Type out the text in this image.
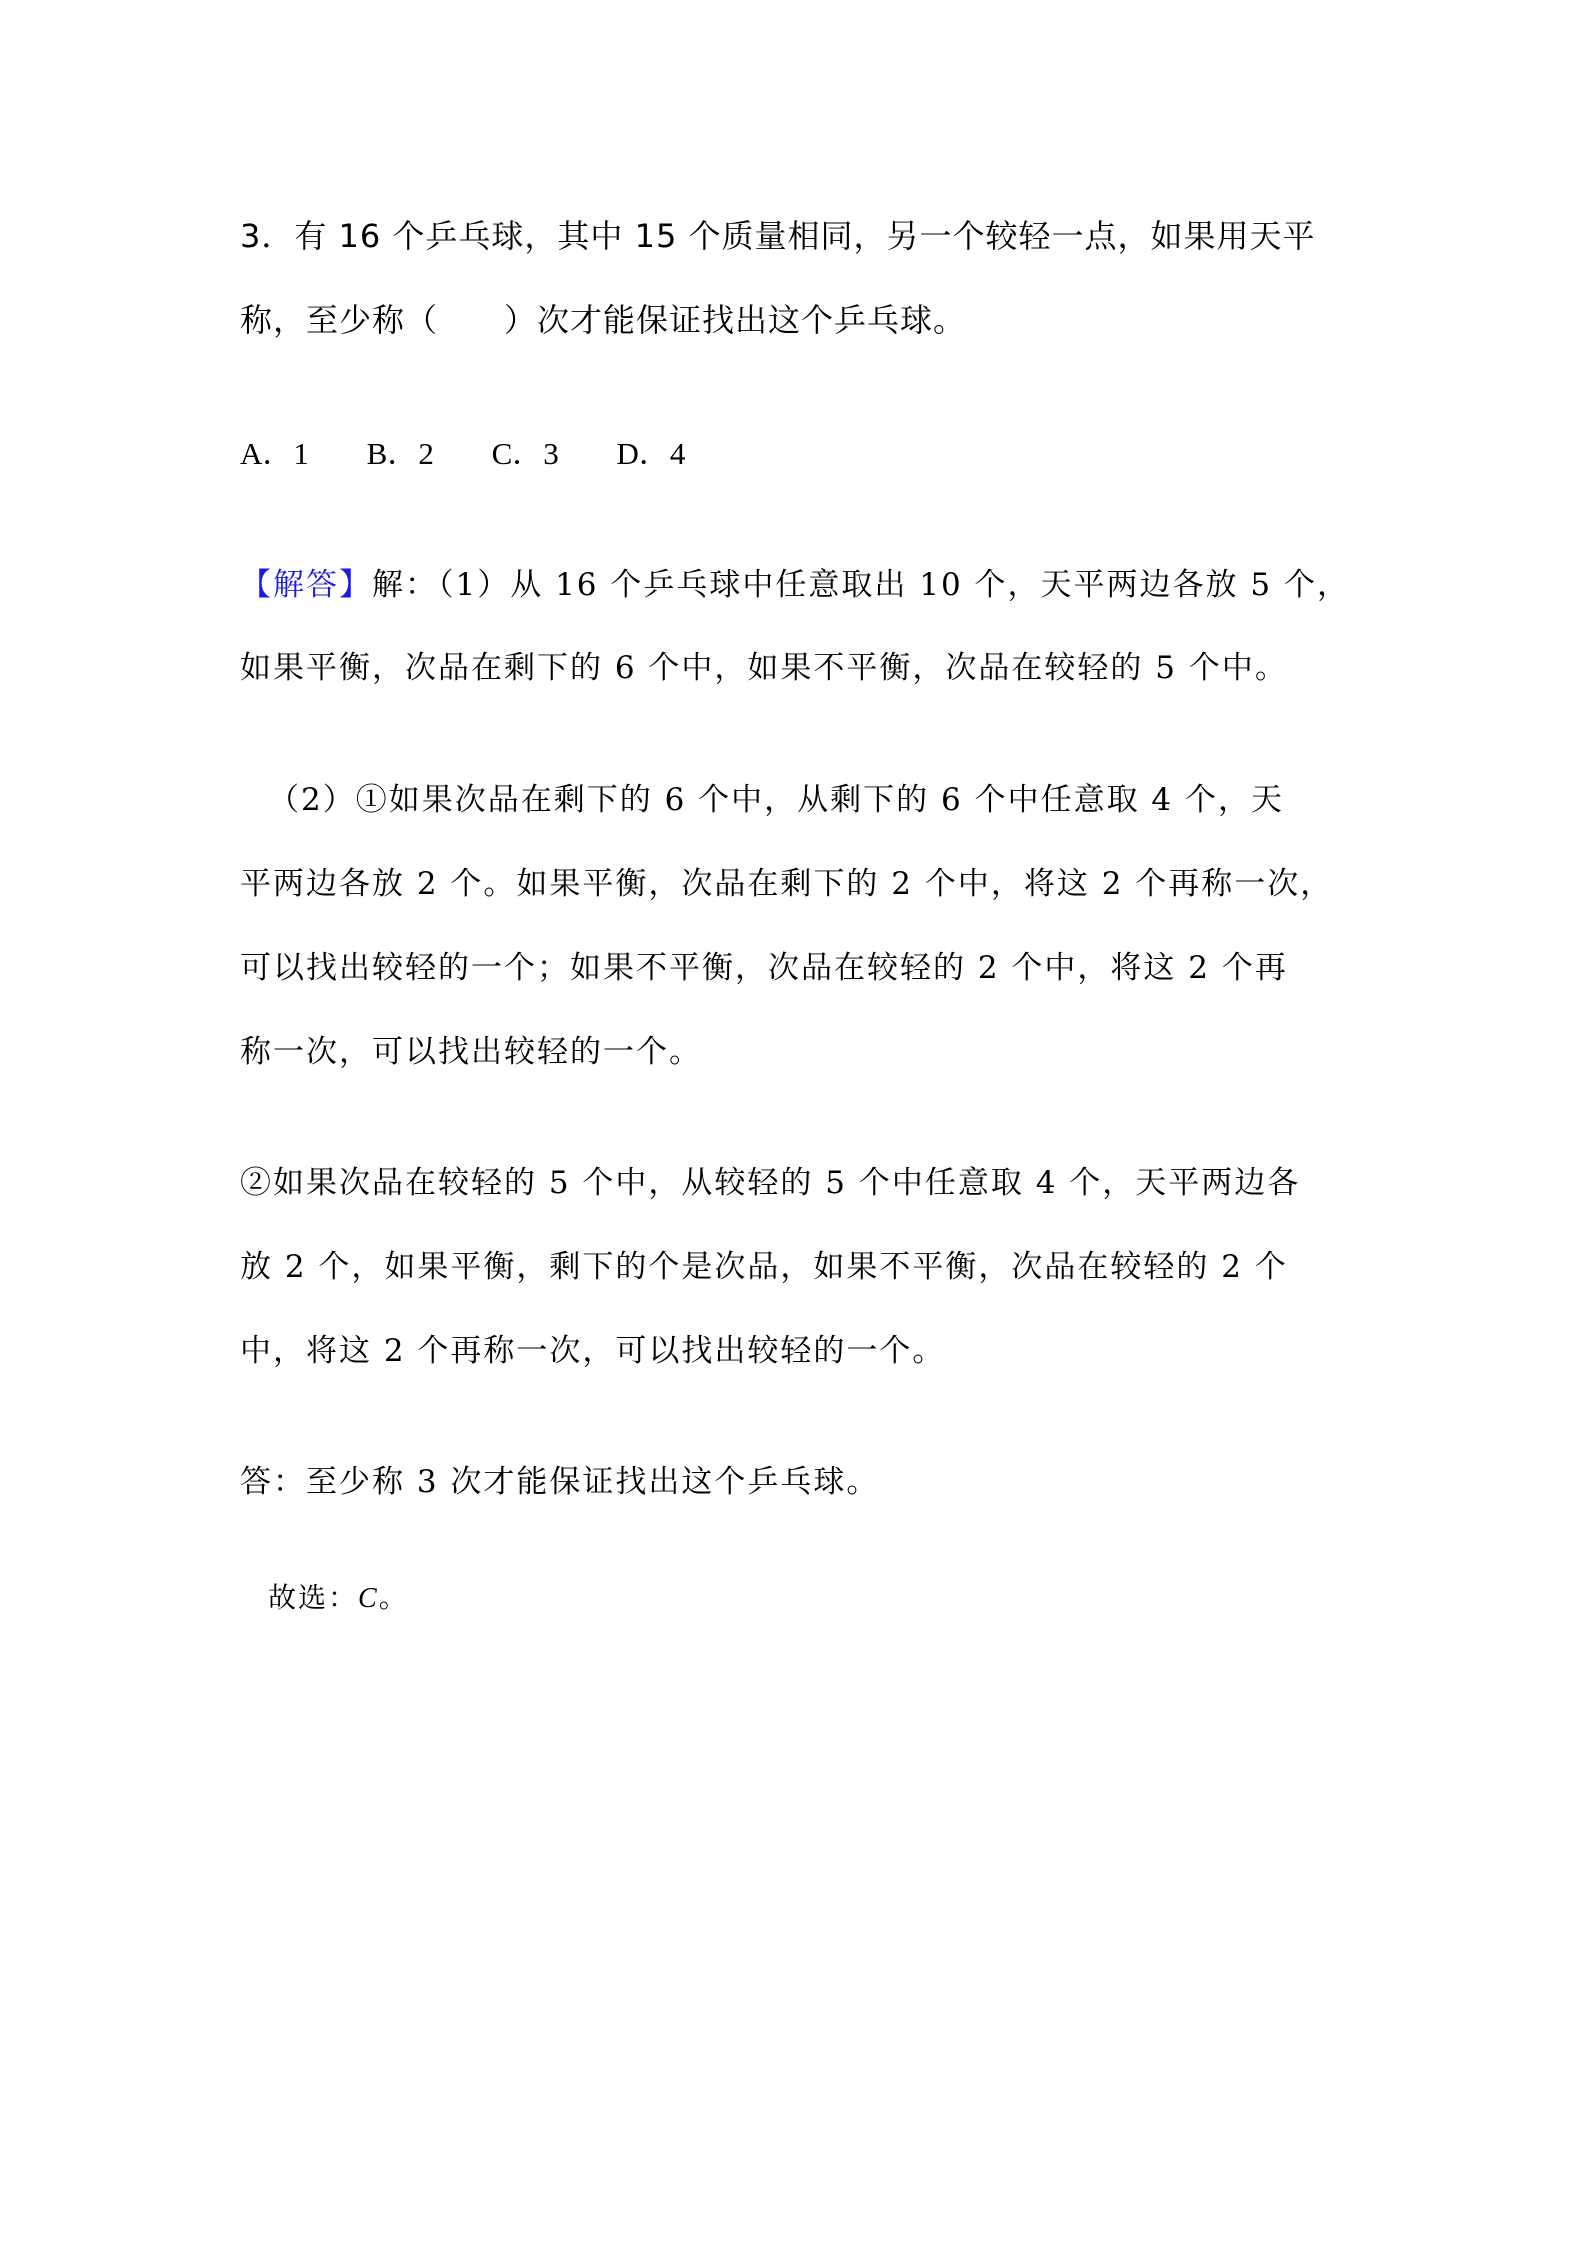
3．有 16 个乒乓球，其中 15 个质量相同，另一个较轻一点，如果用天平
称，至少称（　　）次才能保证找出这个乒乓球。
A．1 B．2 C．3 D．4
【解答】解：（1）从 16 个乒乓球中任意取出 10 个，天平两边各放 5 个，
如果平衡，次品在剩下的 6 个中，如果不平衡，次品在较轻的 5 个中。
（2）①如果次品在剩下的 6 个中，从剩下的 6 个中任意取 4 个，天
平两边各放 2 个。如果平衡，次品在剩下的 2 个中，将这 2 个再称一次，
可以找出较轻的一个；如果不平衡，次品在较轻的 2 个中，将这 2 个再
称一次，可以找出较轻的一个。
②如果次品在较轻的 5 个中，从较轻的 5 个中任意取 4 个，天平两边各
放 2 个，如果平衡，剩下的个是次品，如果不平衡，次品在较轻的 2 个
中，将这 2 个再称一次，可以找出较轻的一个。
答：至少称 3 次才能保证找出这个乒乓球。
故选：C。
